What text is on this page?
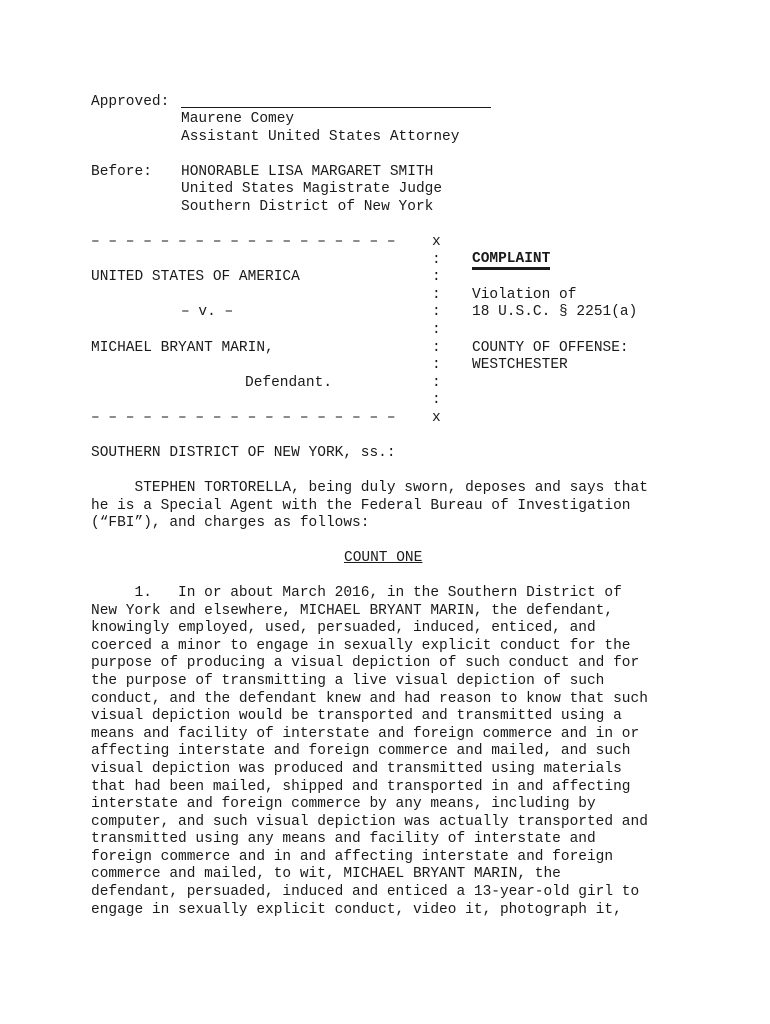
Approved:
Maurene Comey
Assistant United States Attorney
Before: HONORABLE LISA MARGARET SMITH
United States Magistrate Judge
Southern District of New York
– – – – – – – – – – – – – – – – – –	x
: COMPLAINT
UNITED STATES OF AMERICA	:
: Violation of
– v. –	: 18 U.S.C. § 2251(a)
:
MICHAEL BRYANT MARIN,	: COUNTY OF OFFENSE:
: WESTCHESTER
Defendant.	:
:
– – – – – – – – – – – – – – – – – –	x
SOUTHERN DISTRICT OF NEW YORK, ss.:
STEPHEN TORTORELLA, being duly sworn, deposes and says that
he is a Special Agent with the Federal Bureau of Investigation
(“FBI”), and charges as follows:
COUNT ONE
1.   In or about March 2016, in the Southern District of
New York and elsewhere, MICHAEL BRYANT MARIN, the defendant,
knowingly employed, used, persuaded, induced, enticed, and
coerced a minor to engage in sexually explicit conduct for the
purpose of producing a visual depiction of such conduct and for
the purpose of transmitting a live visual depiction of such
conduct, and the defendant knew and had reason to know that such
visual depiction would be transported and transmitted using a
means and facility of interstate and foreign commerce and in or
affecting interstate and foreign commerce and mailed, and such
visual depiction was produced and transmitted using materials
that had been mailed, shipped and transported in and affecting
interstate and foreign commerce by any means, including by
computer, and such visual depiction was actually transported and
transmitted using any means and facility of interstate and
foreign commerce and in and affecting interstate and foreign
commerce and mailed, to wit, MICHAEL BRYANT MARIN, the
defendant, persuaded, induced and enticed a 13-year-old girl to
engage in sexually explicit conduct, video it, photograph it,
